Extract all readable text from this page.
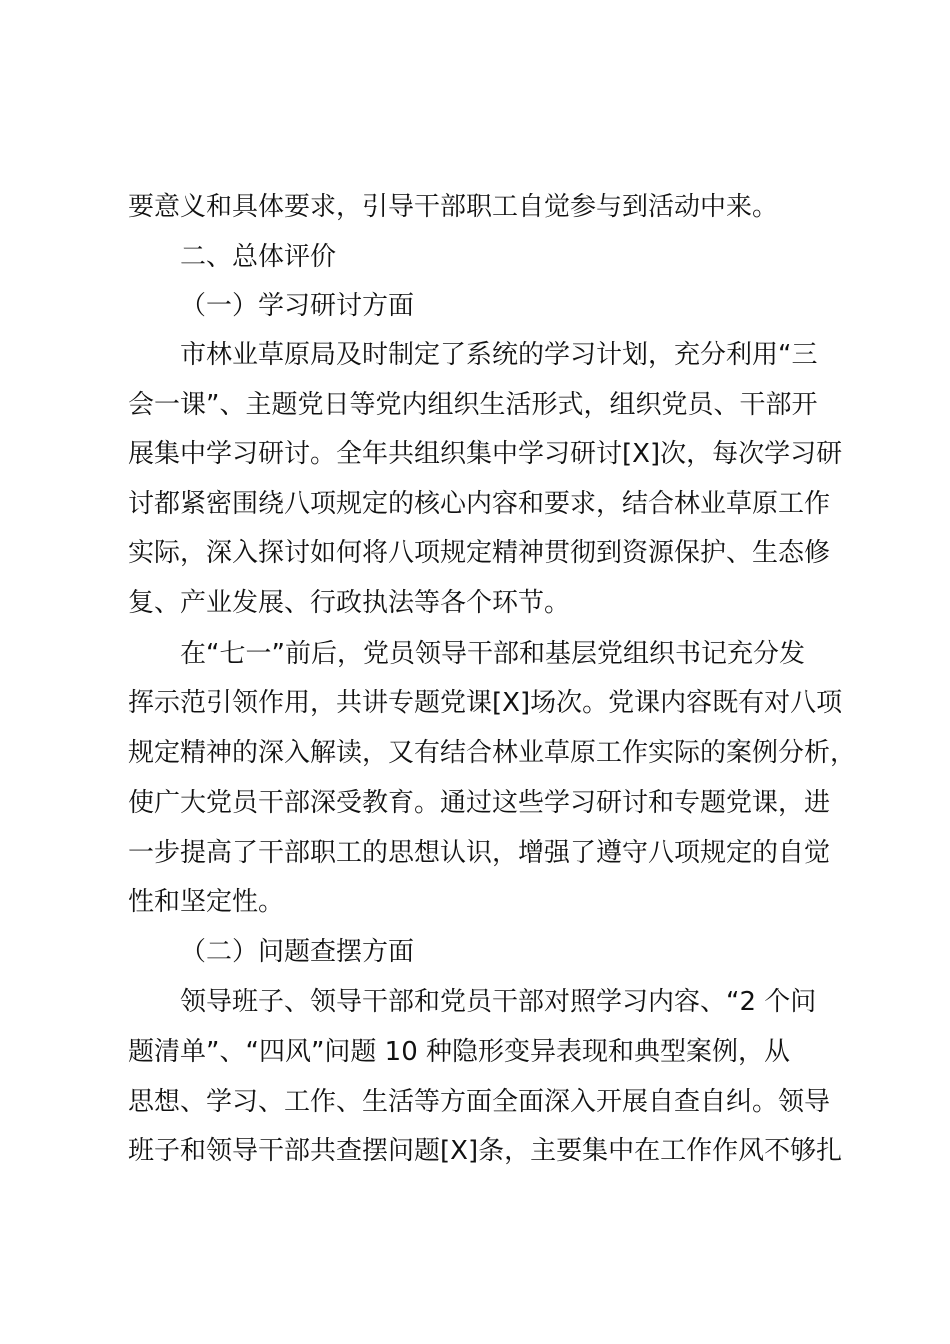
要意义和具体要求，引导干部职工自觉参与到活动中来。
二、总体评价
（一）学习研讨方面
市林业草原局及时制定了系统的学习计划，充分利用“三
会一课”、主题党日等党内组织生活形式，组织党员、干部开
展集中学习研讨。全年共组织集中学习研讨[X]次，每次学习研
讨都紧密围绕八项规定的核心内容和要求，结合林业草原工作
实际，深入探讨如何将八项规定精神贯彻到资源保护、生态修
复、产业发展、行政执法等各个环节。
在“七一”前后，党员领导干部和基层党组织书记充分发
挥示范引领作用，共讲专题党课[X]场次。党课内容既有对八项
规定精神的深入解读，又有结合林业草原工作实际的案例分析，
使广大党员干部深受教育。通过这些学习研讨和专题党课，进
一步提高了干部职工的思想认识，增强了遵守八项规定的自觉
性和坚定性。
（二）问题查摆方面
领导班子、领导干部和党员干部对照学习内容、“2 个问
题清单”、“四风”问题 10 种隐形变异表现和典型案例，从
思想、学习、工作、生活等方面全面深入开展自查自纠。领导
班子和领导干部共查摆问题[X]条，主要集中在工作作风不够扎
